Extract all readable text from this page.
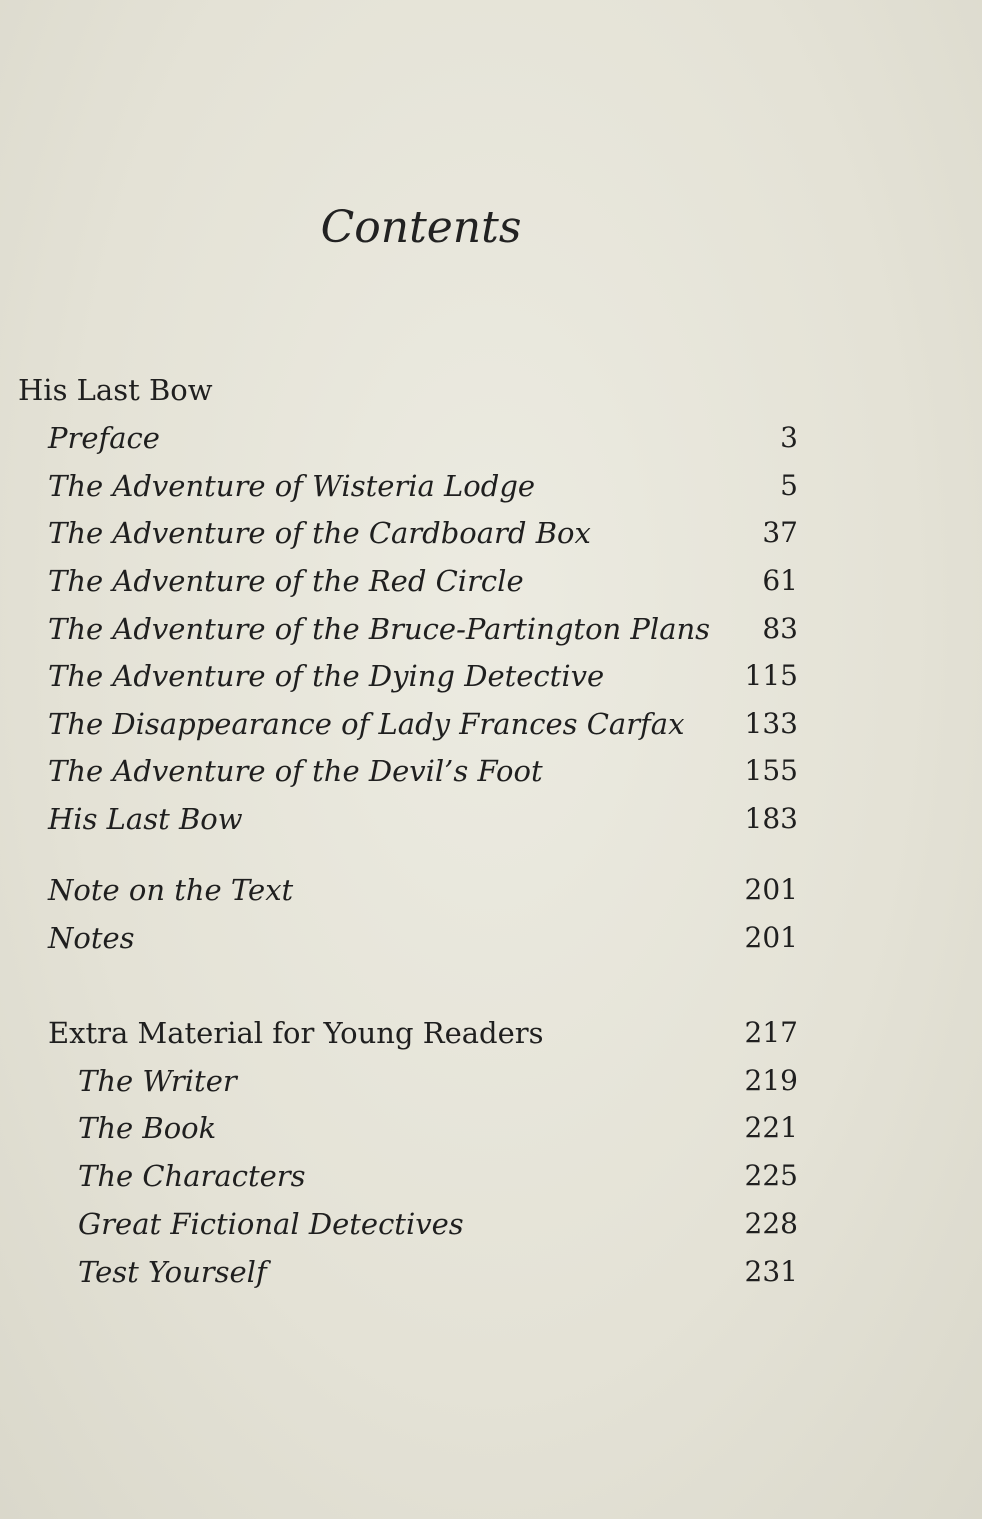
Contents
His Last Bow
Preface	3
The Adventure of Wisteria Lodge	5
The Adventure of the Cardboard Box	37
The Adventure of the Red Circle	61
The Adventure of the Bruce-Partington Plans 83
The Adventure of the Dying Detective	115
The Disappearance of Lady Frances Carfax 133
The Adventure of the Devil’s Foot	155
His Last Bow	183
Note on the Text	201
Notes	201
Extra Material for Young Readers	217
The Writer	219
The Book	221
The Characters	225
Great Fictional Detectives	228
Test Yourself	231
